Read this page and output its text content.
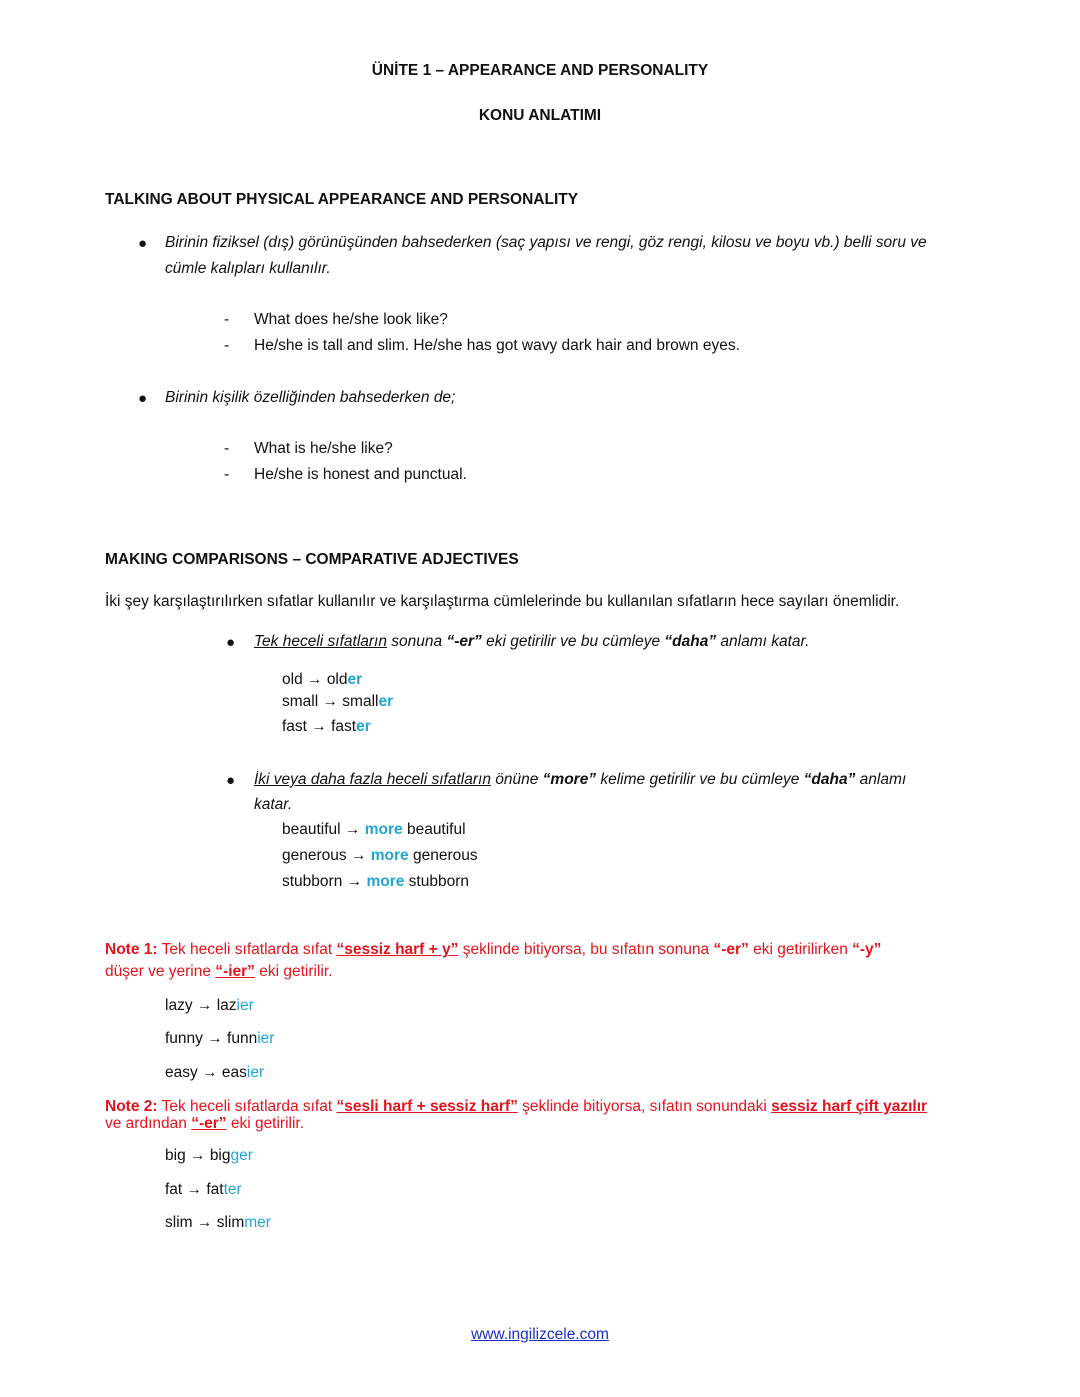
ÜNİTE 1 – APPEARANCE AND PERSONALITY
KONU ANLATIMI
TALKING ABOUT PHYSICAL APPEARANCE AND PERSONALITY
● Birinin fiziksel (dış) görünüşünden bahsederken (saç yapısı ve rengi, göz rengi, kilosu ve boyu vb.) belli soru ve
cümle kalıpları kullanılır.
- What does he/she look like?
- He/she is tall and slim. He/she has got wavy dark hair and brown eyes.
● Birinin kişilik özelliğinden bahsederken de;
- What is he/she like?
- He/she is honest and punctual.
MAKING COMPARISONS – COMPARATIVE ADJECTIVES
İki şey karşılaştırılırken sıfatlar kullanılır ve karşılaştırma cümlelerinde bu kullanılan sıfatların hece sayıları önemlidir.
● Tek heceli sıfatların sonuna “-er” eki getirilir ve bu cümleye “daha” anlamı katar.
old → older
small → smaller
fast → faster
● İki veya daha fazla heceli sıfatların önüne “more” kelime getirilir ve bu cümleye “daha” anlamı
katar.
beautiful → more beautiful
generous → more generous
stubborn → more stubborn
Note 1: Tek heceli sıfatlarda sıfat “sessiz harf + y” şeklinde bitiyorsa, bu sıfatın sonuna “-er” eki getirilirken “-y”
düşer ve yerine “-ier” eki getirilir.
lazy → lazier
funny → funnier
easy → easier
Note 2: Tek heceli sıfatlarda sıfat “sesli harf + sessiz harf” şeklinde bitiyorsa, sıfatın sonundaki sessiz harf çift yazılır
ve ardından “-er” eki getirilir.
big → bigger
fat → fatter
slim → slimmer
www.ingilizcele.com
